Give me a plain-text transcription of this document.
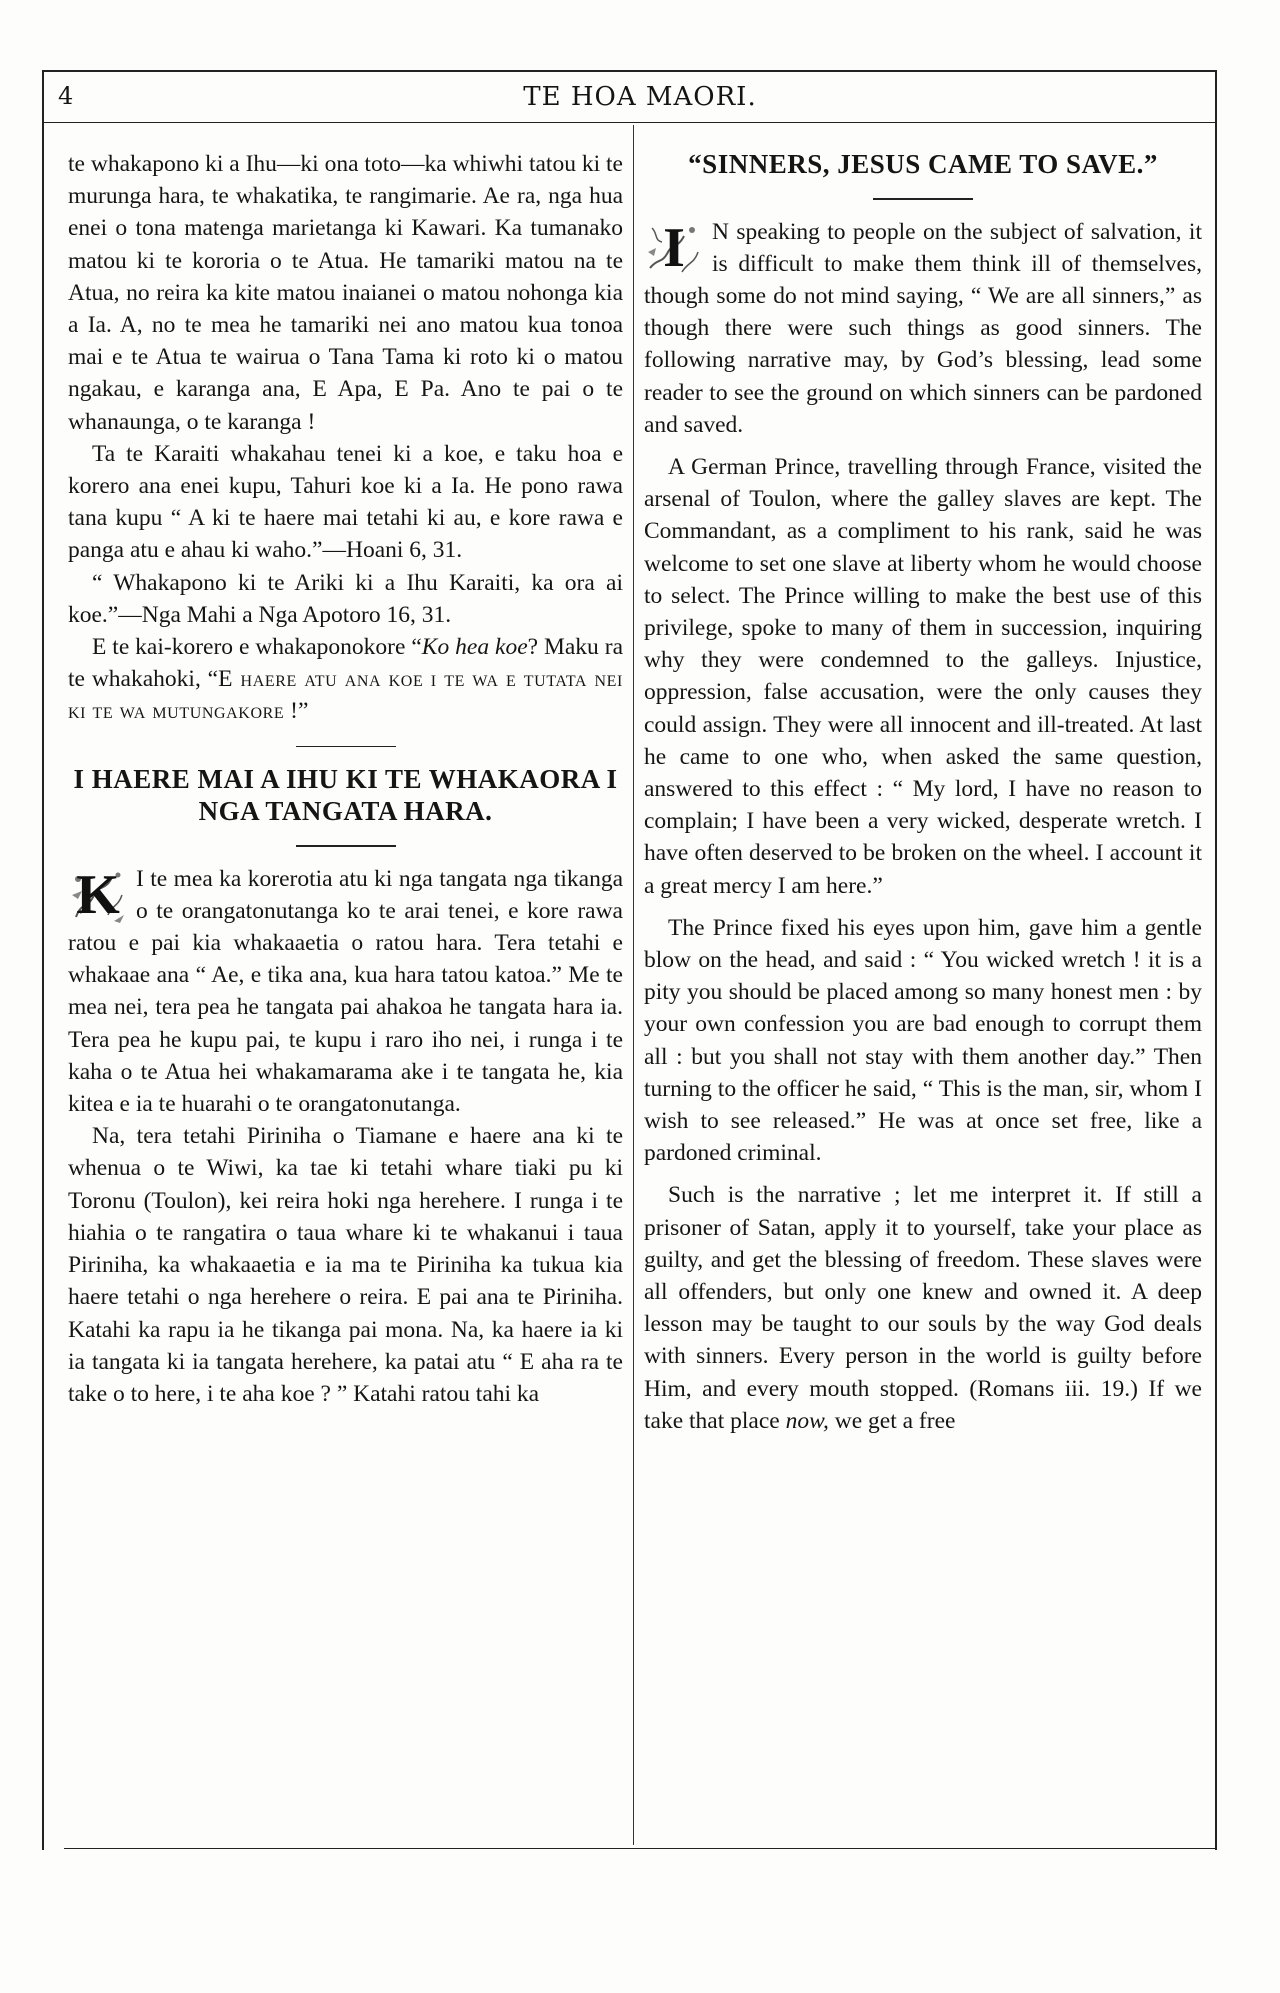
4	TE HOA MAORI.

te whakapono ki a Ihu—ki ona toto—ka whiwhi tatou ki te murunga hara, te whakatika, te rangimarie. Ae ra, nga hua enei o tona matenga marietanga ki Kawari. Ka tumanako matou ki te kororia o te Atua. He tamariki matou na te Atua, no reira ka kite matou inaianei o matou nohonga kia a Ia. A, no te mea he tamariki nei ano matou kua tonoa mai e te Atua te wairua o Tana Tama ki roto ki o matou ngakau, e karanga ana, E Apa, E Pa. Ano te pai o te whanaunga, o te karanga !

Ta te Karaiti whakahau tenei ki a koe, e taku hoa e korero ana enei kupu, Tahuri koe ki a Ia. He pono rawa tana kupu “ A ki te haere mai tetahi ki au, e kore rawa e panga atu e ahau ki waho.”—Hoani 6, 31.

“ Whakapono ki te Ariki ki a Ihu Karaiti, ka ora ai koe.”—Nga Mahi a Nga Apotoro 16, 31.

E te kai-korero e whakaponokore “Ko hea koe? Maku ra te whakahoki, “E haere atu ana koe i te wa e tutata nei ki te wa mutungakore !”

I HAERE MAI A IHU KI TE WHAKAORA I NGA TANGATA HARA.

K I te mea ka korerotia atu ki nga tangata nga tikanga o te orangatonutanga ko te arai tenei, e kore rawa ratou e pai kia whakaaetia o ratou hara. Tera tetahi e whakaae ana “ Ae, e tika ana, kua hara tatou katoa.” Me te mea nei, tera pea he tangata pai ahakoa he tangata hara ia. Tera pea he kupu pai, te kupu i raro iho nei, i runga i te kaha o te Atua hei whakamarama ake i te tangata he, kia kitea e ia te huarahi o te orangatonutanga.

Na, tera tetahi Piriniha o Tiamane e haere ana ki te whenua o te Wiwi, ka tae ki tetahi whare tiaki pu ki Toronu (Toulon), kei reira hoki nga herehere. I runga i te hiahia o te rangatira o taua whare ki te whakanui i taua Piriniha, ka whakaaetia e ia ma te Piriniha ka tukua kia haere tetahi o nga herehere o reira. E pai ana te Piriniha. Katahi ka rapu ia he tikanga pai mona. Na, ka haere ia ki ia tangata ki ia tangata herehere, ka patai atu “ E aha ra te take o to here, i te aha koe ? ” Katahi ratou tahi ka

“SINNERS, JESUS CAME TO SAVE.”

I	N speaking to people on the subject of salvation, it is difficult to make them think ill of themselves, though some do not mind saying, “ We are all sinners,” as though there were such things as good sinners. The following narrative may, by God’s blessing, lead some reader to see the ground on which sinners can be pardoned and saved.

A German Prince, travelling through France, visited the arsenal of Toulon, where the galley slaves are kept. The Commandant, as a compliment to his rank, said he was welcome to set one slave at liberty whom he would choose to select. The Prince willing to make the best use of this privilege, spoke to many of them in succession, inquiring why they were condemned to the galleys. Injustice, oppression, false accusation, were the only causes they could assign. They were all innocent and ill-treated. At last he came to one who, when asked the same question, answered to this effect : “ My lord, I have no reason to complain; I have been a very wicked, desperate wretch. I have often deserved to be broken on the wheel. I account it a great mercy I am here.”

The Prince fixed his eyes upon him, gave him a gentle blow on the head, and said : “ You wicked wretch ! it is a pity you should be placed among so many honest men : by your own confession you are bad enough to corrupt them all : but you shall not stay with them another day.” Then turning to the officer he said, “ This is the man, sir, whom I wish to see released.” He was at once set free, like a pardoned criminal.

Such is the narrative ; let me interpret it. If still a prisoner of Satan, apply it to yourself, take your place as guilty, and get the blessing of freedom. These slaves were all offenders, but only one knew and owned it. A deep lesson may be taught to our souls by the way God deals with sinners. Every person in the world is guilty before Him, and every mouth stopped. (Romans iii. 19.) If we take that place now, we get a free
